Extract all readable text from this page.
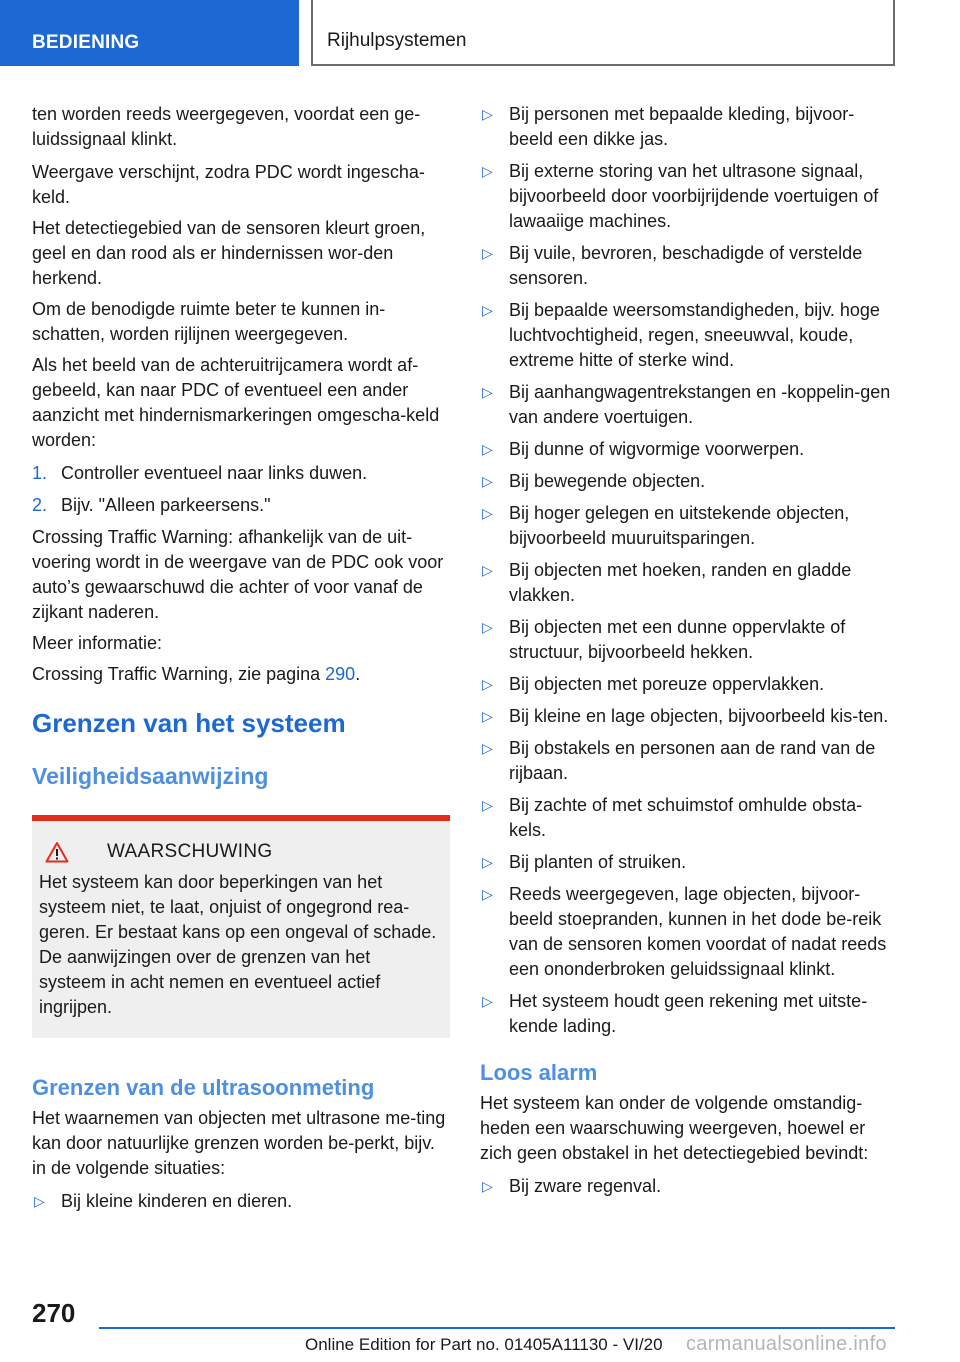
BEDIENING	Rijhulpsystemen

ten worden reeds weergegeven, voordat een ge-luidssignaal klinkt.

Weergave verschijnt, zodra PDC wordt ingescha-keld.

Het detectiegebied van de sensoren kleurt groen, geel en dan rood als er hindernissen wor-den herkend.

Om de benodigde ruimte beter te kunnen in-schatten, worden rijlijnen weergegeven.

Als het beeld van de achteruitrijcamera wordt af-gebeeld, kan naar PDC of eventueel een ander aanzicht met hindernismarkeringen omgescha-keld worden:

1. Controller eventueel naar links duwen.
2. Bijv. "Alleen parkeersens."

Crossing Traffic Warning: afhankelijk van de uit-voering wordt in de weergave van de PDC ook voor auto’s gewaarschuwd die achter of voor vanaf de zijkant naderen.

Meer informatie:

Crossing Traffic Warning, zie pagina 290.

Grenzen van het systeem
Veiligheidsaanwijzing
WAARSCHUWING
Het systeem kan door beperkingen van het systeem niet, te laat, onjuist of ongegrond rea-geren. Er bestaat kans op een ongeval of schade. De aanwijzingen over de grenzen van het systeem in acht nemen en eventueel actief ingrijpen.
Grenzen van de ultrasoonmeting

Het waarnemen van objecten met ultrasone me-ting kan door natuurlijke grenzen worden be-perkt, bijv. in de volgende situaties:

▷ Bij kleine kinderen en dieren.
▷ Bij personen met bepaalde kleding, bijvoor-beeld een dikke jas.
▷ Bij externe storing van het ultrasone signaal, bijvoorbeeld door voorbijrijdende voertuigen of lawaaiige machines.
▷ Bij vuile, bevroren, beschadigde of verstelde sensoren.
▷ Bij bepaalde weersomstandigheden, bijv. hoge luchtvochtigheid, regen, sneeuwval, koude, extreme hitte of sterke wind.
▷ Bij aanhangwagentrekstangen en -koppelin-gen van andere voertuigen.
▷ Bij dunne of wigvormige voorwerpen.
▷ Bij bewegende objecten.
▷ Bij hoger gelegen en uitstekende objecten, bijvoorbeeld muuruitsparingen.
▷ Bij objecten met hoeken, randen en gladde vlakken.
▷ Bij objecten met een dunne oppervlakte of structuur, bijvoorbeeld hekken.
▷ Bij objecten met poreuze oppervlakken.
▷ Bij kleine en lage objecten, bijvoorbeeld kis-ten.
▷ Bij obstakels en personen aan de rand van de rijbaan.
▷ Bij zachte of met schuimstof omhulde obsta-kels.
▷ Bij planten of struiken.
▷ Reeds weergegeven, lage objecten, bijvoor-beeld stoepranden, kunnen in het dode be-reik van de sensoren komen voordat of nadat reeds een ononderbroken geluidssignaal klinkt.
▷ Het systeem houdt geen rekening met uitste-kende lading.
Loos alarm

Het systeem kan onder de volgende omstandig-heden een waarschuwing weergeven, hoewel er zich geen obstakel in het detectiegebied bevindt:

▷ Bij zware regenval.
270
Online Edition for Part no. 01405A11130 - VI/20 carmanualsonline.info
